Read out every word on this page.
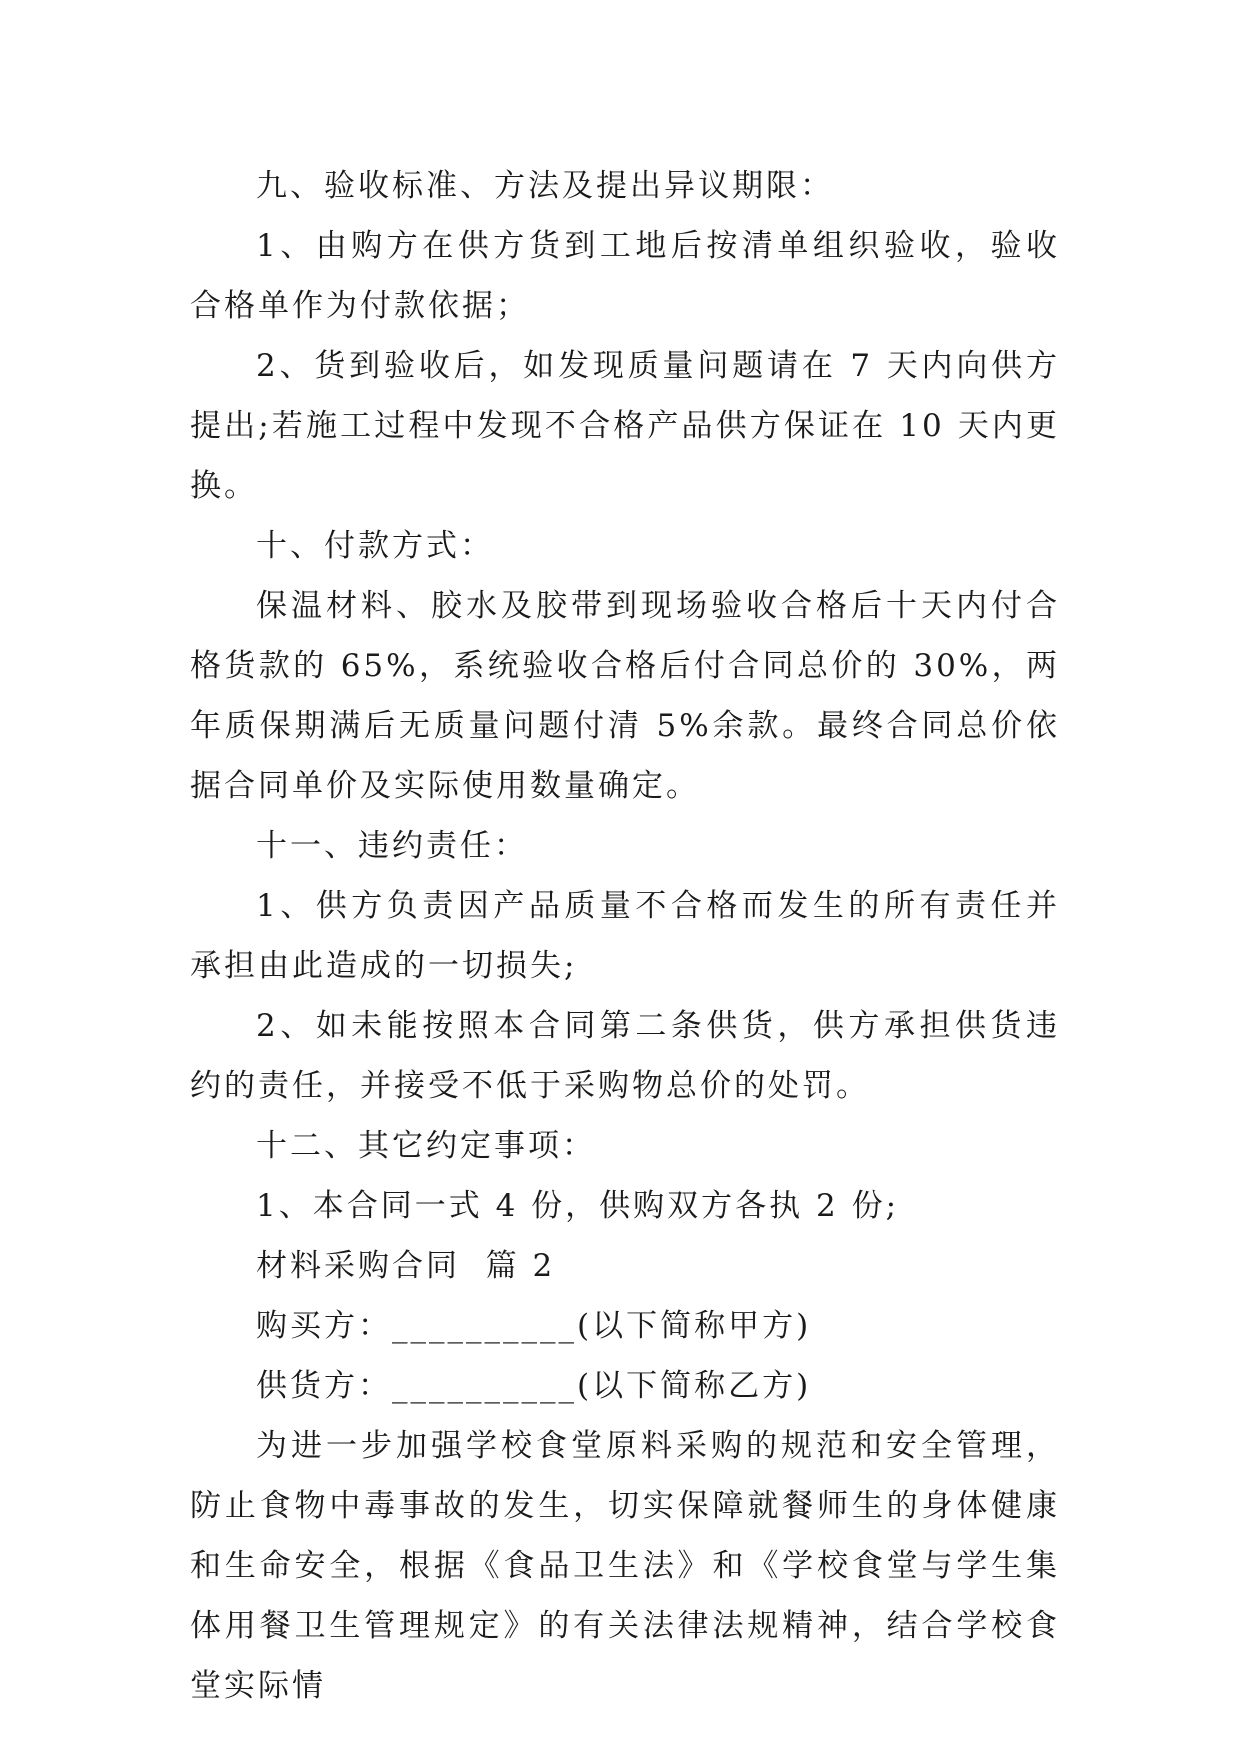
九、验收标准、方法及提出异议期限：

1、由购方在供方货到工地后按清单组织验收，验收合格单作为付款依据；

2、货到验收后，如发现质量问题请在 7 天内向供方提出;若施工过程中发现不合格产品供方保证在 10 天内更换。

十、付款方式：

保温材料、胶水及胶带到现场验收合格后十天内付合格货款的 65%，系统验收合格后付合同总价的 30%，两年质保期满后无质量问题付清 5%余款。最终合同总价依据合同单价及实际使用数量确定。

十一、违约责任：

1、供方负责因产品质量不合格而发生的所有责任并承担由此造成的一切损失;

2、如未能按照本合同第二条供货，供方承担供货违约的责任，并接受不低于采购物总价的处罚。

十二、其它约定事项：

1、本合同一式 4 份，供购双方各执 2 份;

材料采购合同  篇 2

购买方：__________(以下简称甲方)

供货方：__________(以下简称乙方)

为进一步加强学校食堂原料采购的规范和安全管理，防止食物中毒事故的发生，切实保障就餐师生的身体健康和生命安全，根据《食品卫生法》和《学校食堂与学生集体用餐卫生管理规定》的有关法律法规精神，结合学校食堂实际情
